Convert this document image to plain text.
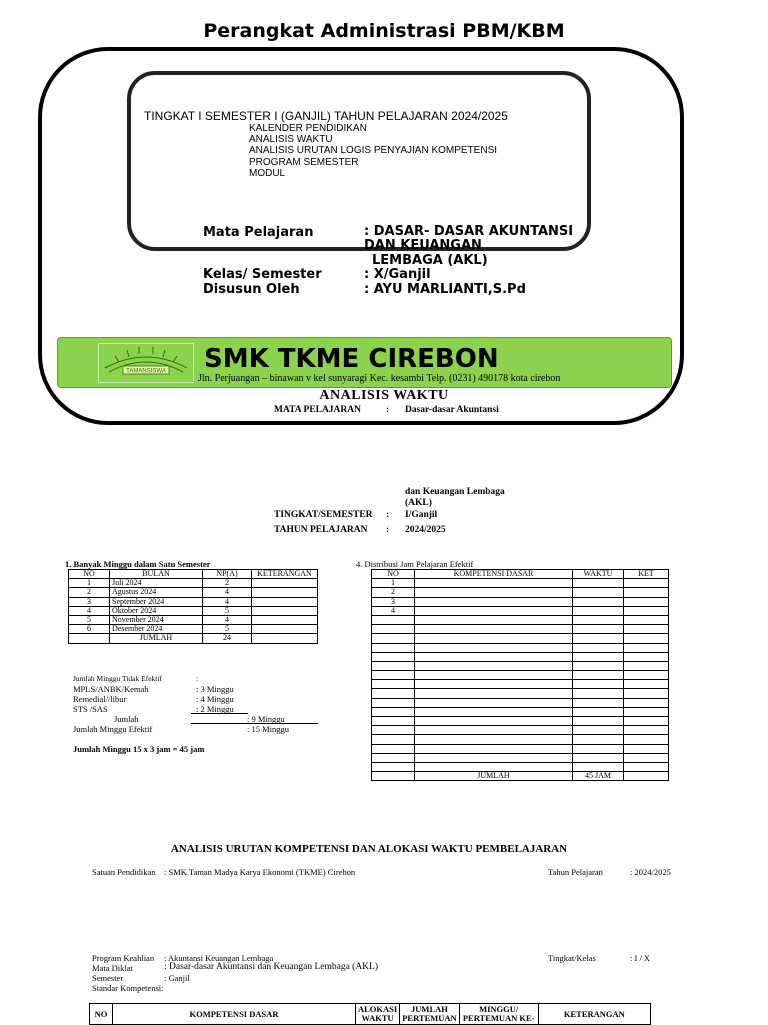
Perangkat Administrasi PBM/KBM
TINGKAT I SEMESTER I (GANJIL) TAHUN PELAJARAN 2024/2025
KALENDER PENDIDIKAN
ANALISIS WAKTU
ANALISIS URUTAN LOGIS PENYAJIAN KOMPETENSI
PROGRAM SEMESTER
MODUL
Mata Pelajaran	: DASAR- DASAR AKUNTANSI DAN KEUANGAN
LEMBAGA (AKL)
Kelas/ Semester	: X/Ganjil
Disusun Oleh	: AYU MARLIANTI,S.Pd
TAMANSISWA SMK TKME CIREBON
Jln. Perjuangan – binawan v kel sunyaragi Kec. kesambi Telp. (0231) 490178 kota cirebon
ANALISIS WAKTU
MATA PELAJARAN	: Dasar-dasar Akuntansi
dan Keuangan Lembaga
(AKL)
TINGKAT/SEMESTER : I/Ganjil
TAHUN PELAJARAN : 2024/2025
1. Banyak Minggu dalam Satu Semester
NO	BULAN	NP(A)	KETERANGAN
1	Juli 2024	2	
2	Agustus 2024	4	
3	September 2024	4	
4	Oktober 2024	5	
5	November 2024	4	
6	Desember 2024	5	
	JUMLAH	24	
Jumlah Minggu Tidak Efektif	:
MPLS/ANBK/Kemah	: 3 Minggu
Remedial//libur	: 4 Minggu
STS /SAS	: 2 Minggu
Jumlah	: 9 Minggu
Jumlah Minggu Efektif	: 15 Minggu
Jumlah Minggu 15 x 3 jam = 45 jam
4. Distribusi Jam Pelajaran Efektif
NO	KOMPETENSI DASAR	WAKTU	KET
1			
2			
3			
4			

	JUMLAH	45 JAM	
ANALISIS URUTAN KOMPETENSI DAN ALOKASI WAKTU PEMBELAJARAN
Satuan Pendidikan : SMK Taman Madya Karya Ekonomi (TKME) Cirebon	Tahun Pelajaran	: 2024/2025
Program Keahlian : Akuntansi Keuangan Lembaga	Tingkat/Kelas	: I / X
Mata Diklat	: Dasar-dasar Akuntansi dan Keuangan Lembaga (AKL)
Semester	: Ganjil
Standar Kompetensi :
NO	KOMPETENSI DASAR	ALOKASI WAKTU	JUMLAH PERTEMUAN	MINGGU/ PERTEMUAN KE-	KETERANGAN
